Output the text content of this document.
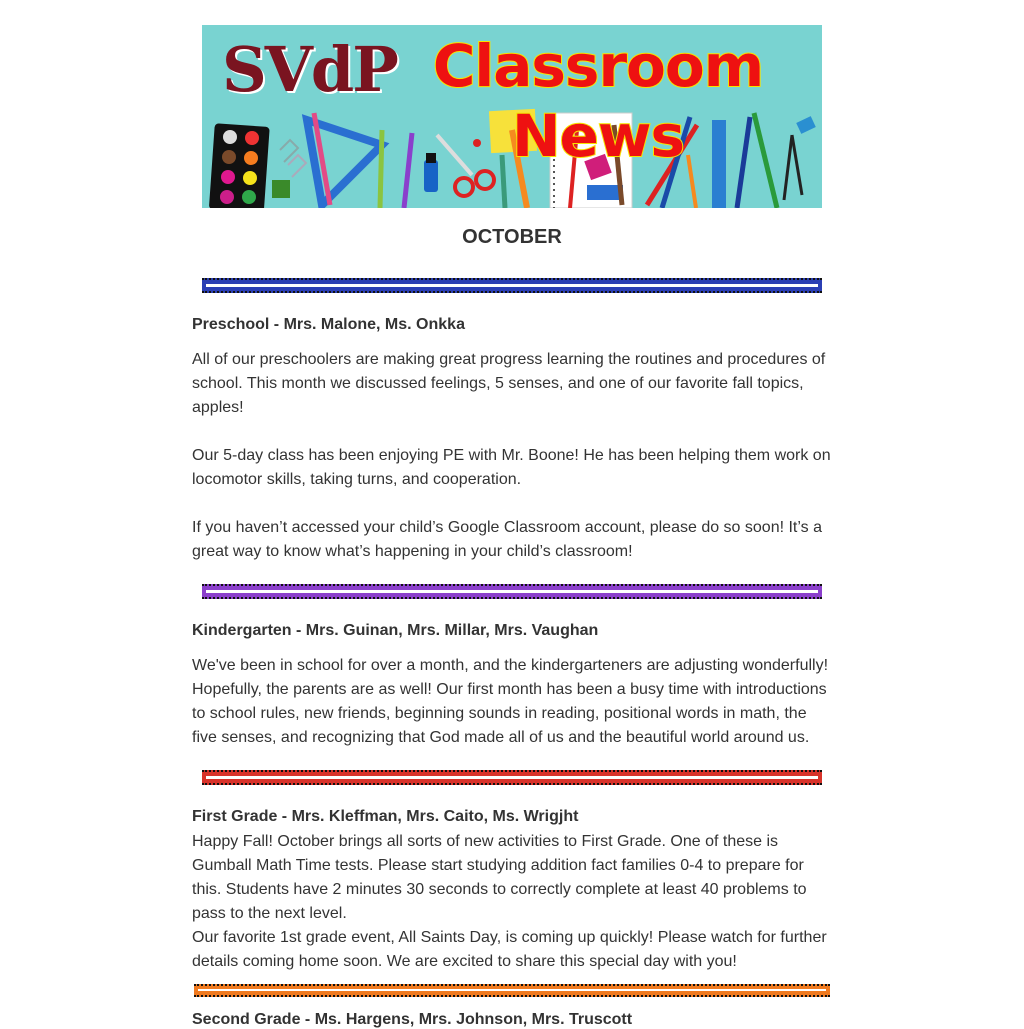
SVdP Classroom News
OCTOBER
Preschool - Mrs. Malone, Ms. Onkka

All of our preschoolers are making great progress learning the routines and procedures of school. This month we discussed feelings, 5 senses, and one of our favorite fall topics, apples!

Our 5-day class has been enjoying PE with Mr. Boone! He has been helping them work on locomotor skills, taking turns, and cooperation.

If you haven’t accessed your child’s Google Classroom account, please do so soon! It’s a great way to know what’s happening in your child’s classroom!

Kindergarten - Mrs. Guinan, Mrs. Millar, Mrs. Vaughan

We've been in school for over a month, and the kindergarteners are adjusting wonderfully! Hopefully, the parents are as well! Our first month has been a busy time with introductions to school rules, new friends, beginning sounds in reading, positional words in math, the five senses, and recognizing that God made all of us and the beautiful world around us.

First Grade - Mrs. Kleffman, Mrs. Caito, Ms. Wrigjht

Happy Fall! October brings all sorts of new activities to First Grade. One of these is Gumball Math Time tests. Please start studying addition fact families 0-4 to prepare for this. Students have 2 minutes 30 seconds to correctly complete at least 40 problems to pass to the next level.

Our favorite 1st grade event, All Saints Day, is coming up quickly! Please watch for further details coming home soon. We are excited to share this special day with you!

Second Grade - Ms. Hargens, Mrs. Johnson, Mrs. Truscott
